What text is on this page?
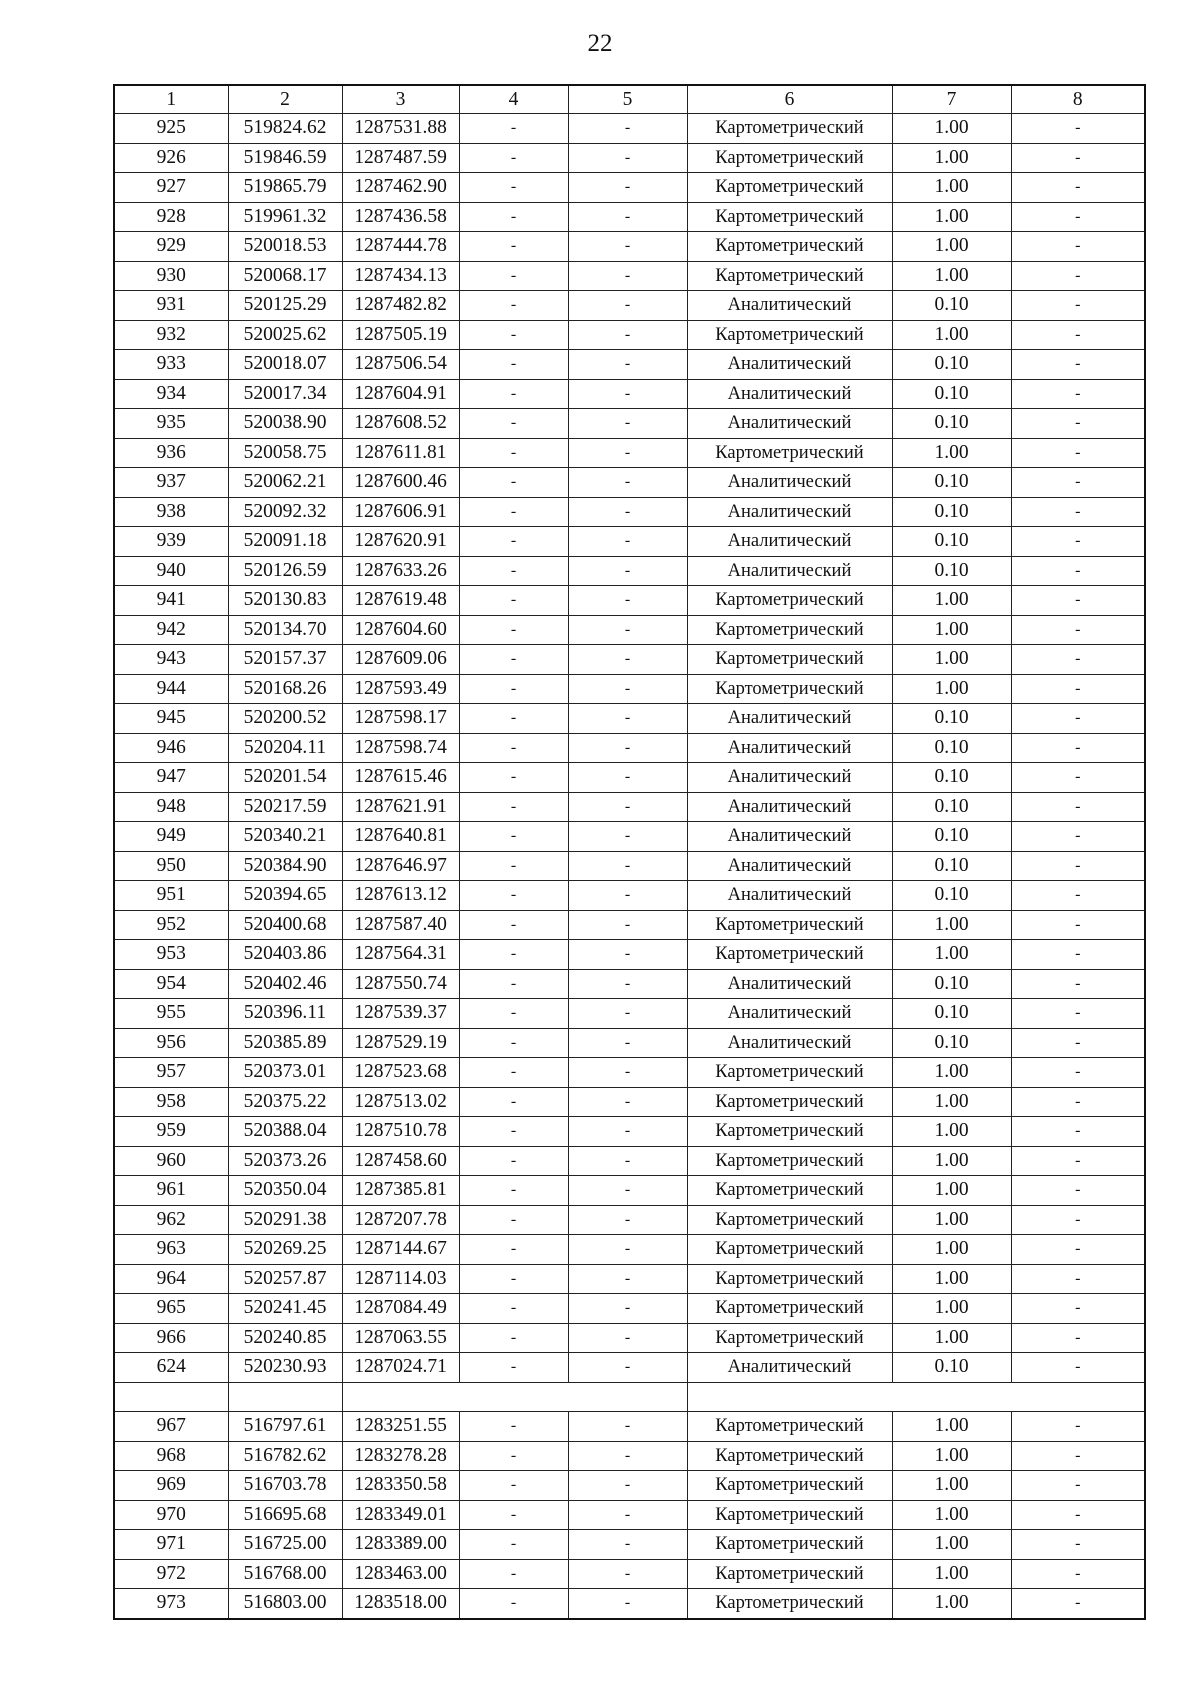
22
1	2	3	4	5	6	7	8
925	519824.62	1287531.88	-	-	Картометрический	1.00	-
926	519846.59	1287487.59	-	-	Картометрический	1.00	-
927	519865.79	1287462.90	-	-	Картометрический	1.00	-
928	519961.32	1287436.58	-	-	Картометрический	1.00	-
929	520018.53	1287444.78	-	-	Картометрический	1.00	-
930	520068.17	1287434.13	-	-	Картометрический	1.00	-
931	520125.29	1287482.82	-	-	Аналитический	0.10	-
932	520025.62	1287505.19	-	-	Картометрический	1.00	-
933	520018.07	1287506.54	-	-	Аналитический	0.10	-
934	520017.34	1287604.91	-	-	Аналитический	0.10	-
935	520038.90	1287608.52	-	-	Аналитический	0.10	-
936	520058.75	1287611.81	-	-	Картометрический	1.00	-
937	520062.21	1287600.46	-	-	Аналитический	0.10	-
938	520092.32	1287606.91	-	-	Аналитический	0.10	-
939	520091.18	1287620.91	-	-	Аналитический	0.10	-
940	520126.59	1287633.26	-	-	Аналитический	0.10	-
941	520130.83	1287619.48	-	-	Картометрический	1.00	-
942	520134.70	1287604.60	-	-	Картометрический	1.00	-
943	520157.37	1287609.06	-	-	Картометрический	1.00	-
944	520168.26	1287593.49	-	-	Картометрический	1.00	-
945	520200.52	1287598.17	-	-	Аналитический	0.10	-
946	520204.11	1287598.74	-	-	Аналитический	0.10	-
947	520201.54	1287615.46	-	-	Аналитический	0.10	-
948	520217.59	1287621.91	-	-	Аналитический	0.10	-
949	520340.21	1287640.81	-	-	Аналитический	0.10	-
950	520384.90	1287646.97	-	-	Аналитический	0.10	-
951	520394.65	1287613.12	-	-	Аналитический	0.10	-
952	520400.68	1287587.40	-	-	Картометрический	1.00	-
953	520403.86	1287564.31	-	-	Картометрический	1.00	-
954	520402.46	1287550.74	-	-	Аналитический	0.10	-
955	520396.11	1287539.37	-	-	Аналитический	0.10	-
956	520385.89	1287529.19	-	-	Аналитический	0.10	-
957	520373.01	1287523.68	-	-	Картометрический	1.00	-
958	520375.22	1287513.02	-	-	Картометрический	1.00	-
959	520388.04	1287510.78	-	-	Картометрический	1.00	-
960	520373.26	1287458.60	-	-	Картометрический	1.00	-
961	520350.04	1287385.81	-	-	Картометрический	1.00	-
962	520291.38	1287207.78	-	-	Картометрический	1.00	-
963	520269.25	1287144.67	-	-	Картометрический	1.00	-
964	520257.87	1287114.03	-	-	Картометрический	1.00	-
965	520241.45	1287084.49	-	-	Картометрический	1.00	-
966	520240.85	1287063.55	-	-	Картометрический	1.00	-
624	520230.93	1287024.71	-	-	Аналитический	0.10	-

967	516797.61	1283251.55	-	-	Картометрический	1.00	-
968	516782.62	1283278.28	-	-	Картометрический	1.00	-
969	516703.78	1283350.58	-	-	Картометрический	1.00	-
970	516695.68	1283349.01	-	-	Картометрический	1.00	-
971	516725.00	1283389.00	-	-	Картометрический	1.00	-
972	516768.00	1283463.00	-	-	Картометрический	1.00	-
973	516803.00	1283518.00	-	-	Картометрический	1.00	-
